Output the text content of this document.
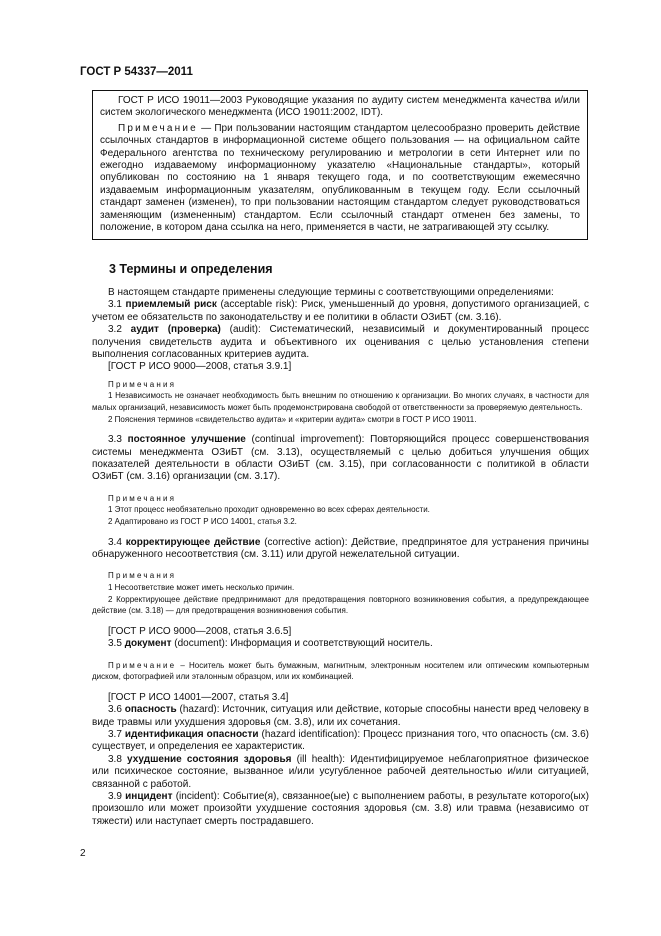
ГОСТ Р 54337—2011

ГОСТ Р ИСО 19011—2003 Руководящие указания по аудиту систем менеджмента качества и/или систем экологического менеджмента (ИСО 19011:2002, IDT).

Примечание — При пользовании настоящим стандартом целесообразно проверить действие ссылочных стандартов в информационной системе общего пользования — на официальном сайте Федерального агентства по техническому регулированию и метрологии в сети Интернет или по ежегодно издаваемому информационному указателю «Национальные стандарты», который опубликован по состоянию на 1 января текущего года, и по соответствующим ежемесячно издаваемым информационным указателям, опубликованным в текущем году. Если ссылочный стандарт заменен (изменен), то при пользовании настоящим стандартом следует руководствоваться заменяющим (измененным) стандартом. Если ссылочный стандарт отменен без замены, то положение, в котором дана ссылка на него, применяется в части, не затрагивающей эту ссылку.

3 Термины и определения

В настоящем стандарте применены следующие термины с соответствующими определениями:

3.1 приемлемый риск (acceptable risk): Риск, уменьшенный до уровня, допустимого организацией, с учетом ее обязательств по законодательству и ее политики в области ОЗиБТ (см. 3.16).

3.2 аудит (проверка) (audit): Систематический, независимый и документированный процесс получения свидетельств аудита и объективного их оценивания с целью установления степени выполнения согласованных критериев аудита.

[ГОСТ Р ИСО 9000—2008, статья 3.9.1]

Примечания

1 Независимость не означает необходимость быть внешним по отношению к организации. Во многих случаях, в частности для малых организаций, независимость может быть продемонстрирована свободой от ответственности за проверяемую деятельность.

2 Пояснения терминов «свидетельство аудита» и «критерии аудита» смотри в ГОСТ Р ИСО 19011.

3.3 постоянное улучшение (continual improvement): Повторяющийся процесс совершенствования системы менеджмента ОЗиБТ (см. 3.13), осуществляемый с целью добиться улучшения общих показателей деятельности в области ОЗиБТ (см. 3.15), при согласованности с политикой в области ОЗиБТ (см. 3.16) организации (см. 3.17).

Примечания

1 Этот процесс необязательно проходит одновременно во всех сферах деятельности.

2 Адаптировано из ГОСТ Р ИСО 14001, статья 3.2.

3.4 корректирующее действие (corrective action): Действие, предпринятое для устранения причины обнаруженного несоответствия (см. 3.11) или другой нежелательной ситуации.

Примечания

1 Несоответствие может иметь несколько причин.

2 Корректирующее действие предпринимают для предотвращения повторного возникновения события, а предупреждающее действие (см. 3.18) — для предотвращения возникновения события.

[ГОСТ Р ИСО 9000—2008, статья 3.6.5]

3.5 документ (document): Информация и соответствующий носитель.

Примечание – Носитель может быть бумажным, магнитным, электронным носителем или оптическим компьютерным диском, фотографией или эталонным образцом, или их комбинацией.

[ГОСТ Р ИСО 14001—2007, статья 3.4]

3.6 опасность (hazard): Источник, ситуация или действие, которые способны нанести вред человеку в виде травмы или ухудшения здоровья (см. 3.8), или их сочетания.

3.7 идентификация опасности (hazard identification): Процесс признания того, что опасность (см. 3.6) существует, и определения ее характеристик.

3.8 ухудшение состояния здоровья (ill health): Идентифицируемое неблагоприятное физическое или психическое состояние, вызванное и/или усугубленное рабочей деятельностью и/или ситуацией, связанной с работой.

3.9 инцидент (incident): Событие(я), связанное(ые) с выполнением работы, в результате которого(ых) произошло или может произойти ухудшение состояния здоровья (см. 3.8) или травма (независимо от тяжести) или наступает смерть пострадавшего.

2
